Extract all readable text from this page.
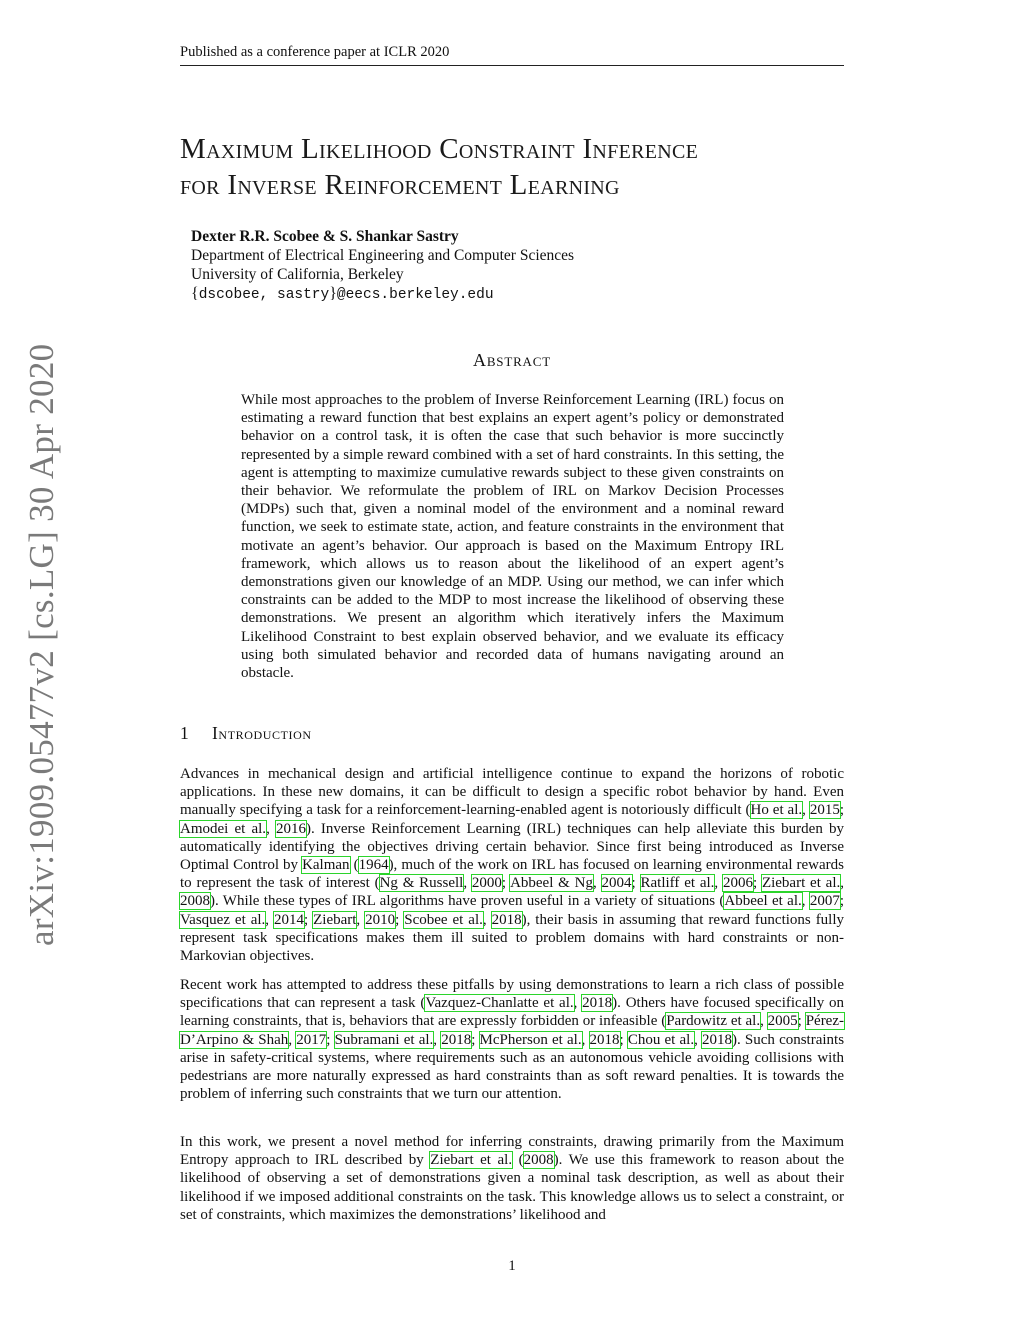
Published as a conference paper at ICLR 2020
arXiv:1909.05477v2 [cs.LG] 30 Apr 2020
Maximum Likelihood Constraint Inference
for Inverse Reinforcement Learning
Dexter R.R. Scobee & S. Shankar Sastry
Department of Electrical Engineering and Computer Sciences
University of California, Berkeley
{dscobee, sastry}@eecs.berkeley.edu
Abstract
While most approaches to the problem of Inverse Reinforcement Learning (IRL) focus on estimating a reward function that best explains an expert agent’s policy or demonstrated behavior on a control task, it is often the case that such behavior is more succinctly represented by a simple reward combined with a set of hard constraints. In this setting, the agent is attempting to maximize cumulative rewards subject to these given constraints on their behavior. We reformulate the problem of IRL on Markov Decision Processes (MDPs) such that, given a nominal model of the environment and a nominal reward function, we seek to estimate state, action, and feature constraints in the environment that motivate an agent’s behavior. Our approach is based on the Maximum Entropy IRL framework, which allows us to reason about the likelihood of an expert agent’s demonstrations given our knowledge of an MDP. Using our method, we can infer which constraints can be added to the MDP to most increase the likelihood of observing these demonstrations. We present an algorithm which iteratively infers the Maximum Likelihood Constraint to best explain observed behavior, and we evaluate its efficacy using both simulated behavior and recorded data of humans navigating around an obstacle.
1 Introduction
Advances in mechanical design and artificial intelligence continue to expand the horizons of robotic applications. In these new domains, it can be difficult to design a specific robot behavior by hand. Even manually specifying a task for a reinforcement-learning-enabled agent is notoriously difficult (Ho et al., 2015; Amodei et al., 2016). Inverse Reinforcement Learning (IRL) techniques can help alleviate this burden by automatically identifying the objectives driving certain behavior. Since first being introduced as Inverse Optimal Control by Kalman (1964), much of the work on IRL has focused on learning environmental rewards to represent the task of interest (Ng & Russell, 2000; Abbeel & Ng, 2004; Ratliff et al., 2006; Ziebart et al., 2008). While these types of IRL algorithms have proven useful in a variety of situations (Abbeel et al., 2007; Vasquez et al., 2014; Ziebart, 2010; Scobee et al., 2018), their basis in assuming that reward functions fully represent task specifications makes them ill suited to problem domains with hard constraints or non-Markovian objectives.
Recent work has attempted to address these pitfalls by using demonstrations to learn a rich class of possible specifications that can represent a task (Vazquez-Chanlatte et al., 2018). Others have focused specifically on learning constraints, that is, behaviors that are expressly forbidden or infeasible (Pardowitz et al., 2005; Pérez-D’Arpino & Shah, 2017; Subramani et al., 2018; McPherson et al., 2018; Chou et al., 2018). Such constraints arise in safety-critical systems, where requirements such as an autonomous vehicle avoiding collisions with pedestrians are more naturally expressed as hard constraints than as soft reward penalties. It is towards the problem of inferring such constraints that we turn our attention.
In this work, we present a novel method for inferring constraints, drawing primarily from the Maximum Entropy approach to IRL described by Ziebart et al. (2008). We use this framework to reason about the likelihood of observing a set of demonstrations given a nominal task description, as well as about their likelihood if we imposed additional constraints on the task. This knowledge allows us to select a constraint, or set of constraints, which maximizes the demonstrations’ likelihood and
1
